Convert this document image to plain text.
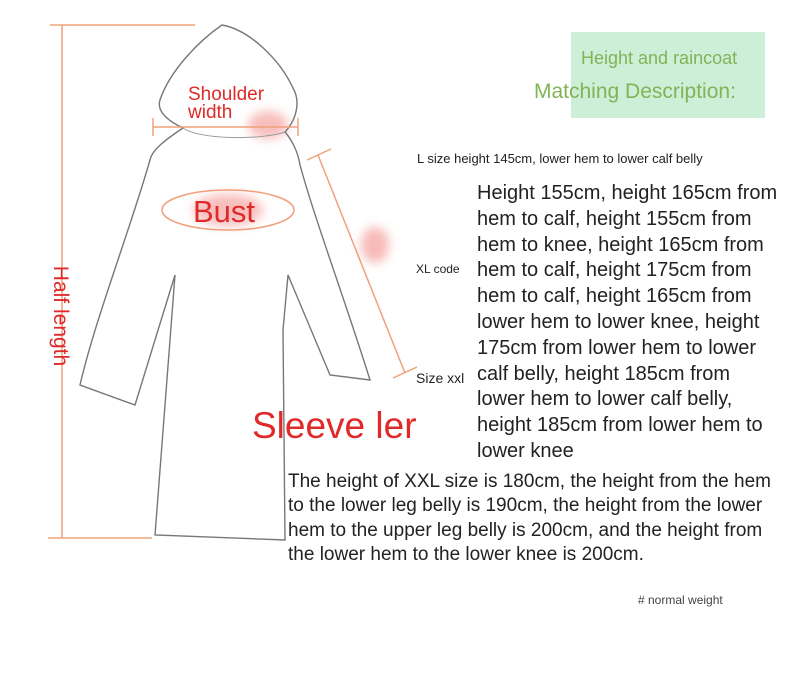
Shoulder
width
Bust
Half length
Sleeve ler
Height and raincoat
Matching Description:
L size height 145cm, lower hem to lower calf belly
XL code
Size xxl
Height 155cm, height 165cm from hem to calf, height 155cm from hem to knee, height 165cm from hem to calf, height 175cm from hem to calf, height 165cm from lower hem to lower knee, height 175cm from lower hem to lower calf belly, height 185cm from lower hem to lower calf belly, height 185cm from lower hem to lower knee
The height of XXL size is 180cm, the height from the hem to the lower leg belly is 190cm, the height from the lower hem to the upper leg belly is 200cm, and the height from the lower hem to the lower knee is 200cm.
# normal weight
